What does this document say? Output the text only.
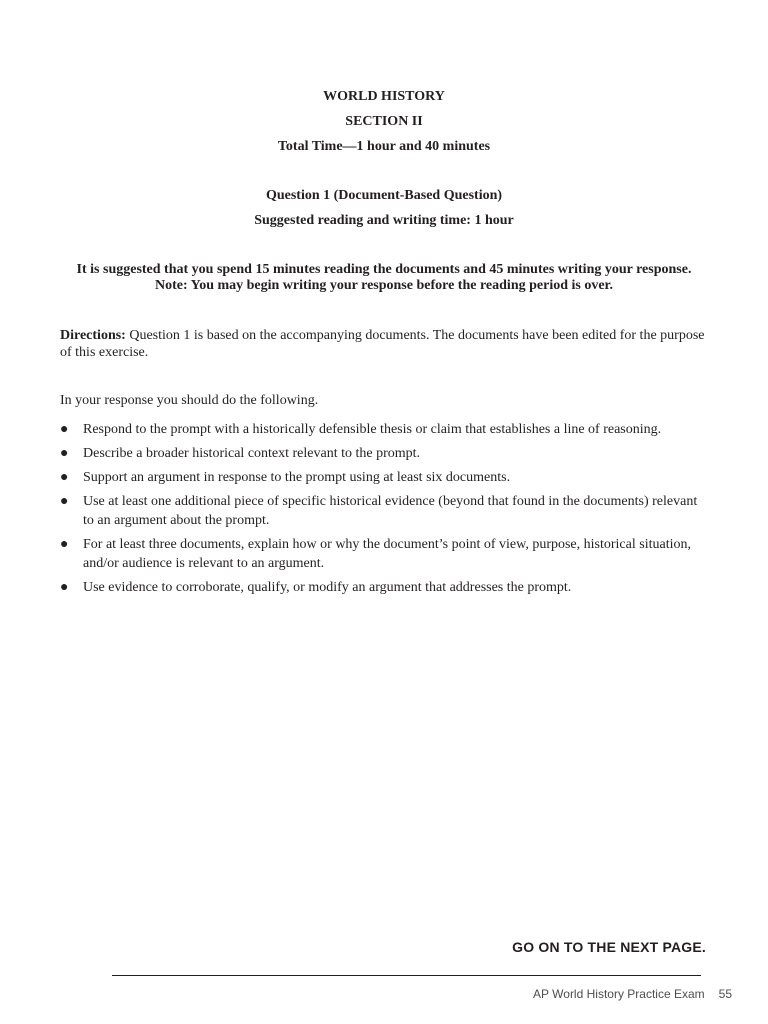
WORLD HISTORY
SECTION II
Total Time—1 hour and 40 minutes
Question 1 (Document-Based Question)
Suggested reading and writing time: 1 hour
It is suggested that you spend 15 minutes reading the documents and 45 minutes writing your response.
Note: You may begin writing your response before the reading period is over.
Directions: Question 1 is based on the accompanying documents. The documents have been edited for the purpose of this exercise.
In your response you should do the following.
● Respond to the prompt with a historically defensible thesis or claim that establishes a line of reasoning.
● Describe a broader historical context relevant to the prompt.
● Support an argument in response to the prompt using at least six documents.
● Use at least one additional piece of specific historical evidence (beyond that found in the documents) relevant to an argument about the prompt.
● For at least three documents, explain how or why the document’s point of view, purpose, historical situation, and/or audience is relevant to an argument.
● Use evidence to corroborate, qualify, or modify an argument that addresses the prompt.
GO ON TO THE NEXT PAGE.
AP World History Practice Exam 55
